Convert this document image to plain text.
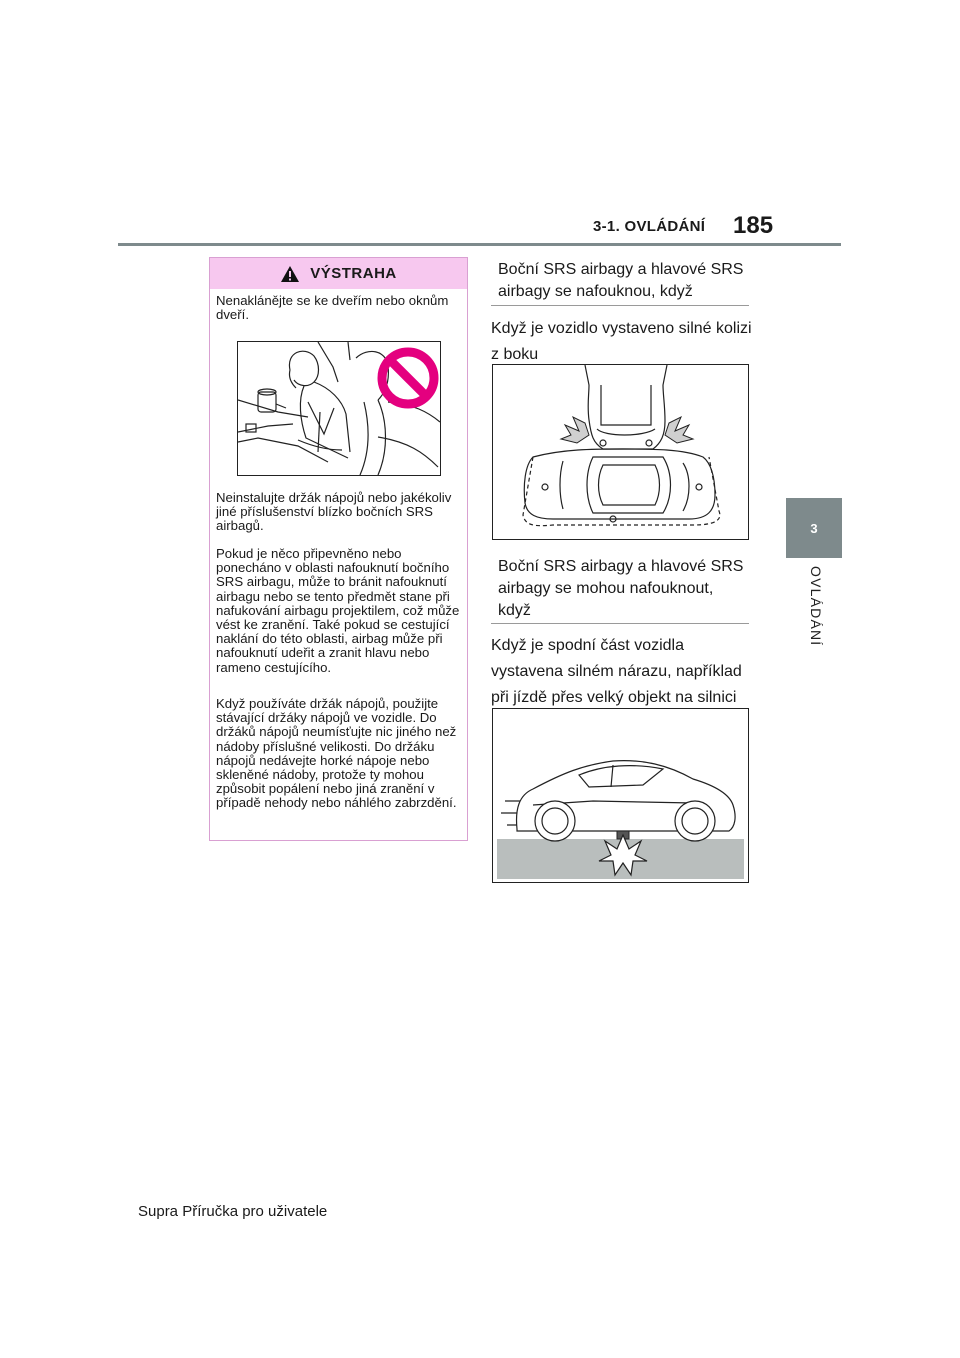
3-1. OVLÁDÁNÍ 185
3
OVLÁDÁNÍ
VÝSTRAHA
Nenaklánějte se ke dveřím nebo oknům dveří.
Neinstalujte držák nápojů nebo jakékoliv jiné příslušenství blízko bočních SRS airbagů.
Pokud je něco připevněno nebo ponecháno v oblasti nafouknutí bočního SRS airbagu, může to bránit nafouknutí airbagu nebo se tento předmět stane při nafukování airbagu projektilem, což může vést ke zranění. Také pokud se cestující naklání do této oblasti, airbag může při nafouknutí udeřit a zranit hlavu nebo rameno cestujícího.
Když používáte držák nápojů, použijte stávající držáky nápojů ve vozidle. Do držáků nápojů neumísťujte nic jiného než nádoby příslušné velikosti. Do držáku nápojů nedávejte horké nápoje nebo skleněné nádoby, protože ty mohou způsobit popálení nebo jiná zranění v případě nehody nebo náhlého zabrzdění.
Boční SRS airbagy a hlavové SRS airbagy se nafouknou, když
Když je vozidlo vystaveno silné kolizi z boku
Boční SRS airbagy a hlavové SRS airbagy se mohou nafouknout, když
Když je spodní část vozidla vystavena silném nárazu, například při jízdě přes velký objekt na silnici
Supra Příručka pro uživatele
